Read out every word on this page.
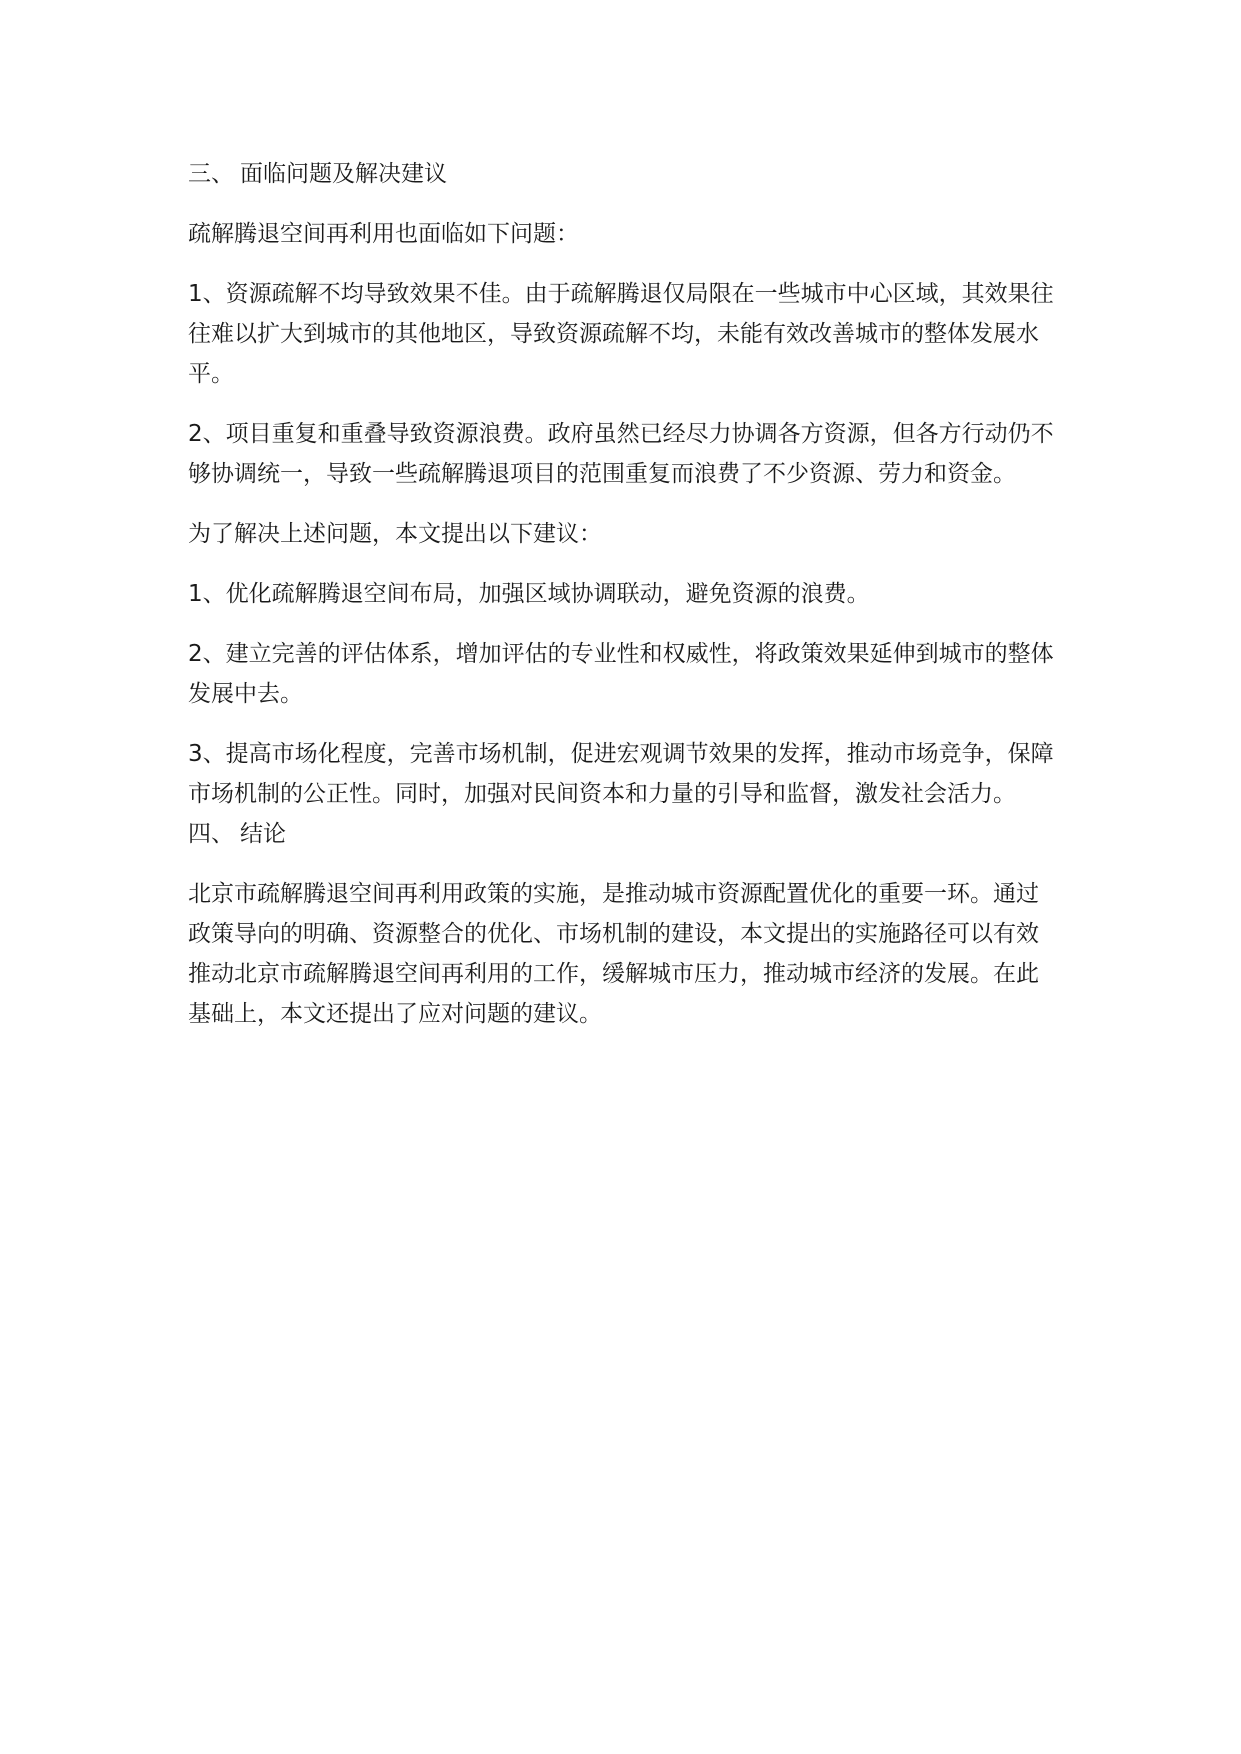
三、 面临问题及解决建议

疏解腾退空间再利用也面临如下问题：

1、资源疏解不均导致效果不佳。由于疏解腾退仅局限在一些城市中心区域，其效果往往难以扩大到城市的其他地区，导致资源疏解不均，未能有效改善城市的整体发展水平。

2、项目重复和重叠导致资源浪费。政府虽然已经尽力协调各方资源，但各方行动仍不够协调统一，导致一些疏解腾退项目的范围重复而浪费了不少资源、劳力和资金。

为了解决上述问题，本文提出以下建议：

1、优化疏解腾退空间布局，加强区域协调联动，避免资源的浪费。

2、建立完善的评估体系，增加评估的专业性和权威性，将政策效果延伸到城市的整体发展中去。

3、提高市场化程度，完善市场机制，促进宏观调节效果的发挥，推动市场竞争，保障市场机制的公正性。同时，加强对民间资本和力量的引导和监督，激发社会活力。

四、 结论

北京市疏解腾退空间再利用政策的实施，是推动城市资源配置优化的重要一环。通过政策导向的明确、资源整合的优化、市场机制的建设，本文提出的实施路径可以有效推动北京市疏解腾退空间再利用的工作，缓解城市压力，推动城市经济的发展。在此基础上，本文还提出了应对问题的建议。
